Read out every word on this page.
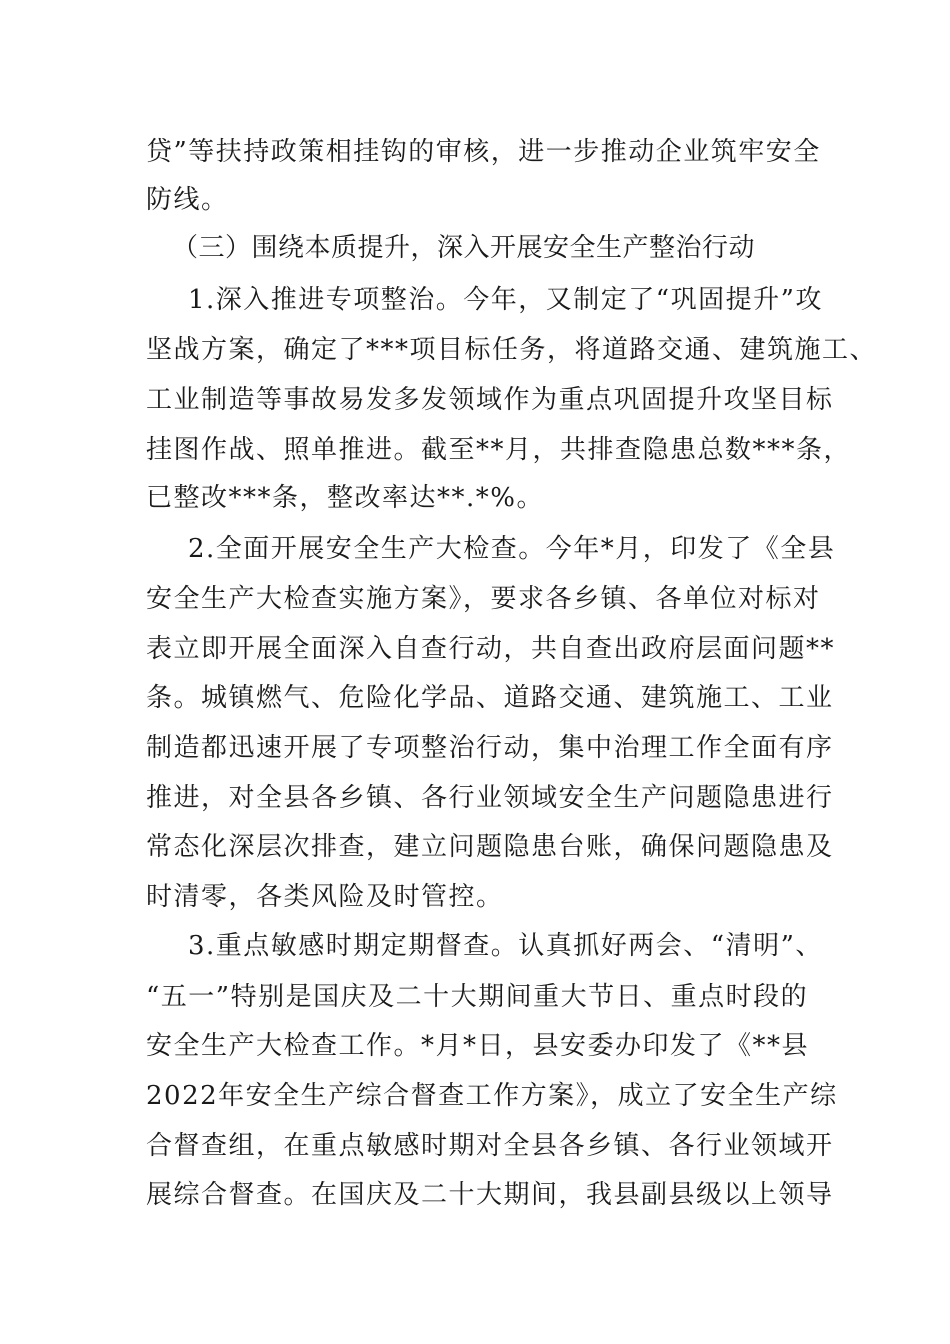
贷”等扶持政策相挂钩的审核，进一步推动企业筑牢安全
防线。
（三）围绕本质提升，深入开展安全生产整治行动
1.深入推进专项整治。今年，又制定了“巩固提升”攻
坚战方案，确定了***项目标任务，将道路交通、建筑施工、
工业制造等事故易发多发领域作为重点巩固提升攻坚目标
挂图作战、照单推进。截至**月，共排查隐患总数***条，
已整改***条，整改率达**.*%。
2.全面开展安全生产大检查。今年*月，印发了《全县
安全生产大检查实施方案》，要求各乡镇、各单位对标对
表立即开展全面深入自查行动，共自查出政府层面问题**
条。城镇燃气、危险化学品、道路交通、建筑施工、工业
制造都迅速开展了专项整治行动，集中治理工作全面有序
推进，对全县各乡镇、各行业领域安全生产问题隐患进行
常态化深层次排查，建立问题隐患台账，确保问题隐患及
时清零，各类风险及时管控。
3.重点敏感时期定期督查。认真抓好两会、“清明”、
“五一”特别是国庆及二十大期间重大节日、重点时段的
安全生产大检查工作。*月*日，县安委办印发了《**县
2022年安全生产综合督查工作方案》，成立了安全生产综
合督查组，在重点敏感时期对全县各乡镇、各行业领域开
展综合督查。在国庆及二十大期间，我县副县级以上领导
